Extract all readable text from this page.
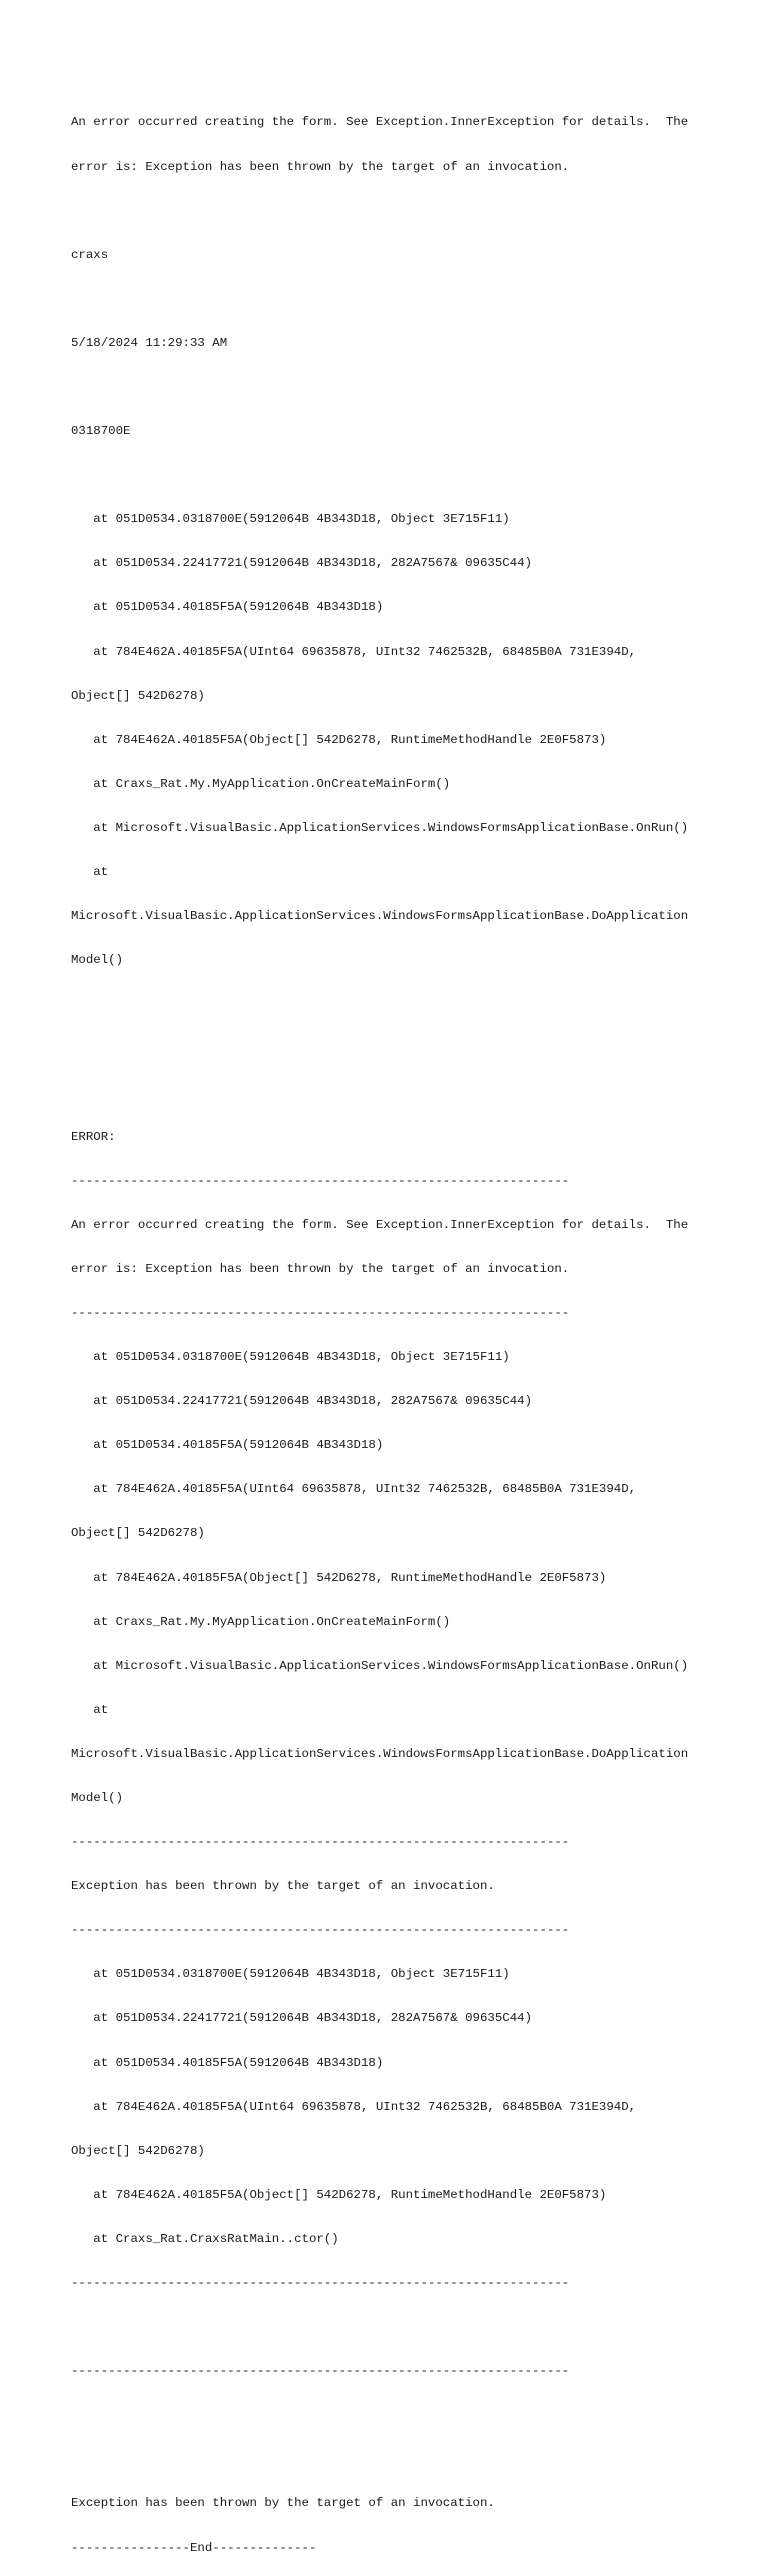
An error occurred creating the form. See Exception.InnerException for details.  The

error is: Exception has been thrown by the target of an invocation.

craxs

5/18/2024 11:29:33 AM

0318700E

at 051D0534.0318700E(5912064B 4B343D18, Object 3E715F11)

at 051D0534.22417721(5912064B 4B343D18, 282A7567& 09635C44)

at 051D0534.40185F5A(5912064B 4B343D18)

at 784E462A.40185F5A(UInt64 69635878, UInt32 7462532B, 68485B0A 731E394D,

Object[] 542D6278)

at 784E462A.40185F5A(Object[] 542D6278, RuntimeMethodHandle 2E0F5873)

at Craxs_Rat.My.MyApplication.OnCreateMainForm()

at Microsoft.VisualBasic.ApplicationServices.WindowsFormsApplicationBase.OnRun()

at

Microsoft.VisualBasic.ApplicationServices.WindowsFormsApplicationBase.DoApplication

Model()

ERROR:

-------------------------------------------------------------------

An error occurred creating the form. See Exception.InnerException for details.  The

error is: Exception has been thrown by the target of an invocation.

-------------------------------------------------------------------

at 051D0534.0318700E(5912064B 4B343D18, Object 3E715F11)

at 051D0534.22417721(5912064B 4B343D18, 282A7567& 09635C44)

at 051D0534.40185F5A(5912064B 4B343D18)

at 784E462A.40185F5A(UInt64 69635878, UInt32 7462532B, 68485B0A 731E394D,

Object[] 542D6278)

at 784E462A.40185F5A(Object[] 542D6278, RuntimeMethodHandle 2E0F5873)

at Craxs_Rat.My.MyApplication.OnCreateMainForm()

at Microsoft.VisualBasic.ApplicationServices.WindowsFormsApplicationBase.OnRun()

at

Microsoft.VisualBasic.ApplicationServices.WindowsFormsApplicationBase.DoApplication

Model()

-------------------------------------------------------------------

Exception has been thrown by the target of an invocation.

-------------------------------------------------------------------

at 051D0534.0318700E(5912064B 4B343D18, Object 3E715F11)

at 051D0534.22417721(5912064B 4B343D18, 282A7567& 09635C44)

at 051D0534.40185F5A(5912064B 4B343D18)

at 784E462A.40185F5A(UInt64 69635878, UInt32 7462532B, 68485B0A 731E394D,

Object[] 542D6278)

at 784E462A.40185F5A(Object[] 542D6278, RuntimeMethodHandle 2E0F5873)

at Craxs_Rat.CraxsRatMain..ctor()

-------------------------------------------------------------------

-------------------------------------------------------------------

Exception has been thrown by the target of an invocation.

----------------End--------------
